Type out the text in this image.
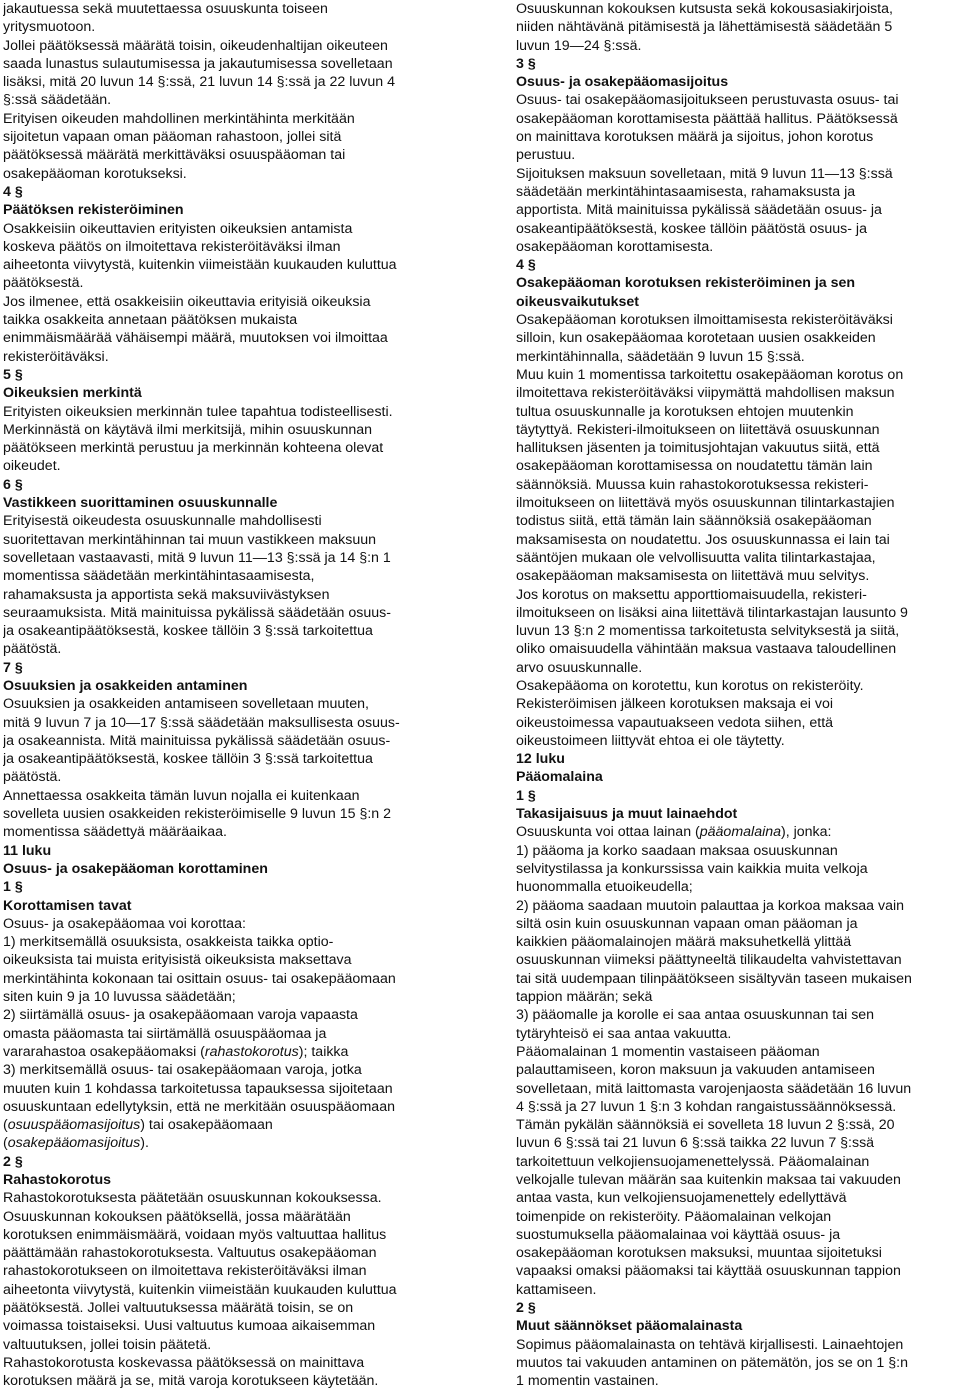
jakautuessa sekä muutettaessa osuuskunta toiseen
yritysmuotoon.
Jollei päätöksessä määrätä toisin, oikeudenhaltijan oikeuteen
saada lunastus sulautumisessa ja jakautumisessa sovelletaan
lisäksi, mitä 20 luvun 14 §:ssä, 21 luvun 14 §:ssä ja 22 luvun 4
§:ssä säädetään.
Erityisen oikeuden mahdollinen merkintähinta merkitään
sijoitetun vapaan oman pääoman rahastoon, jollei sitä
päätöksessä määrätä merkittäväksi osuuspääoman tai
osakepääoman korotukseksi.
4 §
Päätöksen rekisteröiminen
Osakkeisiin oikeuttavien erityisten oikeuksien antamista
koskeva päätös on ilmoitettava rekisteröitäväksi ilman
aiheetonta viivytystä, kuitenkin viimeistään kuukauden kuluttua
päätöksestä.
Jos ilmenee, että osakkeisiin oikeuttavia erityisiä oikeuksia
taikka osakkeita annetaan päätöksen mukaista
enimmäismäärää vähäisempi määrä, muutoksen voi ilmoittaa
rekisteröitäväksi.
5 §
Oikeuksien merkintä
Erityisten oikeuksien merkinnän tulee tapahtua todisteellisesti.
Merkinnästä on käytävä ilmi merkitsijä, mihin osuuskunnan
päätökseen merkintä perustuu ja merkinnän kohteena olevat
oikeudet.
6 §
Vastikkeen suorittaminen osuuskunnalle
Erityisestä oikeudesta osuuskunnalle mahdollisesti
suoritettavan merkintähinnan tai muun vastikkeen maksuun
sovelletaan vastaavasti, mitä 9 luvun 11—13 §:ssä ja 14 §:n 1
momentissa säädetään merkintähintasaamisesta,
rahamaksusta ja apportista sekä maksuviivästyksen
seuraamuksista. Mitä mainituissa pykälissä säädetään osuus-
ja osakeantipäätöksestä, koskee tällöin 3 §:ssä tarkoitettua
päätöstä.
7 §
Osuuksien ja osakkeiden antaminen
Osuuksien ja osakkeiden antamiseen sovelletaan muuten,
mitä 9 luvun 7 ja 10—17 §:ssä säädetään maksullisesta osuus-
ja osakeannista. Mitä mainituissa pykälissä säädetään osuus-
ja osakeantipäätöksestä, koskee tällöin 3 §:ssä tarkoitettua
päätöstä.
Annettaessa osakkeita tämän luvun nojalla ei kuitenkaan
sovelleta uusien osakkeiden rekisteröimiselle 9 luvun 15 §:n 2
momentissa säädettyä määräaikaa.
11 luku
Osuus- ja osakepääoman korottaminen
1 §
Korottamisen tavat
Osuus- ja osakepääomaa voi korottaa:
1) merkitsemällä osuuksista, osakkeista taikka optio-
oikeuksista tai muista erityisistä oikeuksista maksettava
merkintähinta kokonaan tai osittain osuus- tai osakepääomaan
siten kuin 9 ja 10 luvussa säädetään;
2) siirtämällä osuus- ja osakepääomaan varoja vapaasta
omasta pääomasta tai siirtämällä osuuspääomaa ja
vararahastoa osakepääomaksi (rahastokorotus); taikka
3) merkitsemällä osuus- tai osakepääomaan varoja, jotka
muuten kuin 1 kohdassa tarkoitetussa tapauksessa sijoitetaan
osuuskuntaan edellytyksin, että ne merkitään osuuspääomaan
(osuuspääomasijoitus) tai osakepääomaan
(osakepääomasijoitus).
2 §
Rahastokorotus
Rahastokorotuksesta päätetään osuuskunnan kokouksessa.
Osuuskunnan kokouksen päätöksellä, jossa määrätään
korotuksen enimmäismäärä, voidaan myös valtuuttaa hallitus
päättämään rahastokorotuksesta. Valtuutus osakepääoman
rahastokorotukseen on ilmoitettava rekisteröitäväksi ilman
aiheetonta viivytystä, kuitenkin viimeistään kuukauden kuluttua
päätöksestä. Jollei valtuutuksessa määrätä toisin, se on
voimassa toistaiseksi. Uusi valtuutus kumoaa aikaisemman
valtuutuksen, jollei toisin päätetä.
Rahastokorotusta koskevassa päätöksessä on mainittava
korotuksen määrä ja se, mitä varoja korotukseen käytetään.
Osuuskunnan kokouksen kutsusta sekä kokousasiakirjoista,
niiden nähtävänä pitämisestä ja lähettämisestä säädetään 5
luvun 19—24 §:ssä.
3 §
Osuus- ja osakepääomasijoitus
Osuus- tai osakepääomasijoitukseen perustuvasta osuus- tai
osakepääoman korottamisesta päättää hallitus. Päätöksessä
on mainittava korotuksen määrä ja sijoitus, johon korotus
perustuu.
Sijoituksen maksuun sovelletaan, mitä 9 luvun 11—13 §:ssä
säädetään merkintähintasaamisesta, rahamaksusta ja
apportista. Mitä mainituissa pykälissä säädetään osuus- ja
osakeantipäätöksestä, koskee tällöin päätöstä osuus- ja
osakepääoman korottamisesta.
4 §
Osakepääoman korotuksen rekisteröiminen ja sen
oikeusvaikutukset
Osakepääoman korotuksen ilmoittamisesta rekisteröitäväksi
silloin, kun osakepääomaa korotetaan uusien osakkeiden
merkintähinnalla, säädetään 9 luvun 15 §:ssä.
Muu kuin 1 momentissa tarkoitettu osakepääoman korotus on
ilmoitettava rekisteröitäväksi viipymättä mahdollisen maksun
tultua osuuskunnalle ja korotuksen ehtojen muutenkin
täytyttyä. Rekisteri-ilmoitukseen on liitettävä osuuskunnan
hallituksen jäsenten ja toimitusjohtajan vakuutus siitä, että
osakepääoman korottamisessa on noudatettu tämän lain
säännöksiä. Muussa kuin rahastokorotuksessa rekisteri-
ilmoitukseen on liitettävä myös osuuskunnan tilintarkastajien
todistus siitä, että tämän lain säännöksiä osakepääoman
maksamisesta on noudatettu. Jos osuuskunnassa ei lain tai
sääntöjen mukaan ole velvollisuutta valita tilintarkastajaa,
osakepääoman maksamisesta on liitettävä muu selvitys.
Jos korotus on maksettu apporttiomaisuudella, rekisteri-
ilmoitukseen on lisäksi aina liitettävä tilintarkastajan lausunto 9
luvun 13 §:n 2 momentissa tarkoitetusta selvityksestä ja siitä,
oliko omaisuudella vähintään maksua vastaava taloudellinen
arvo osuuskunnalle.
Osakepääoma on korotettu, kun korotus on rekisteröity.
Rekisteröimisen jälkeen korotuksen maksaja ei voi
oikeustoimessa vapautuakseen vedota siihen, että
oikeustoimeen liittyvät ehtoa ei ole täytetty.
12 luku
Pääomalaina
1 §
Takasijaisuus ja muut lainaehdot
Osuuskunta voi ottaa lainan (pääomalaina), jonka:
1) pääoma ja korko saadaan maksaa osuuskunnan
selvitystilassa ja konkurssissa vain kaikkia muita velkoja
huonommalla etuoikeudella;
2) pääoma saadaan muutoin palauttaa ja korkoa maksaa vain
siltä osin kuin osuuskunnan vapaan oman pääoman ja
kaikkien pääomalainojen määrä maksuhetkellä ylittää
osuuskunnan viimeksi päättyneeltä tilikaudelta vahvistettavan
tai sitä uudempaan tilinpäätökseen sisältyvän taseen mukaisen
tappion määrän; sekä
3) pääomalle ja korolle ei saa antaa osuuskunnan tai sen
tytäryhteisö ei saa antaa vakuutta.
Pääomalainan 1 momentin vastaiseen pääoman
palauttamiseen, koron maksuun ja vakuuden antamiseen
sovelletaan, mitä laittomasta varojenjaosta säädetään 16 luvun
4 §:ssä ja 27 luvun 1 §:n 3 kohdan rangaistussäännöksessä.
Tämän pykälän säännöksiä ei sovelleta 18 luvun 2 §:ssä, 20
luvun 6 §:ssä tai 21 luvun 6 §:ssä taikka 22 luvun 7 §:ssä
tarkoitettuun velkojiensuojamenettelyssä. Pääomalainan
velkojalle tulevan määrän saa kuitenkin maksaa tai vakuuden
antaa vasta, kun velkojiensuojamenettely edellyttävä
toimenpide on rekisteröity. Pääomalainan velkojan
suostumuksella pääomalainaa voi käyttää osuus- ja
osakepääoman korotuksen maksuksi, muuntaa sijoitetuksi
vapaaksi omaksi pääomaksi tai käyttää osuuskunnan tappion
kattamiseen.
2 §
Muut säännökset pääomalainasta
Sopimus pääomalainasta on tehtävä kirjallisesti. Lainaehtojen
muutos tai vakuuden antaminen on pätemätön, jos se on 1 §:n
1 momentin vastainen.
